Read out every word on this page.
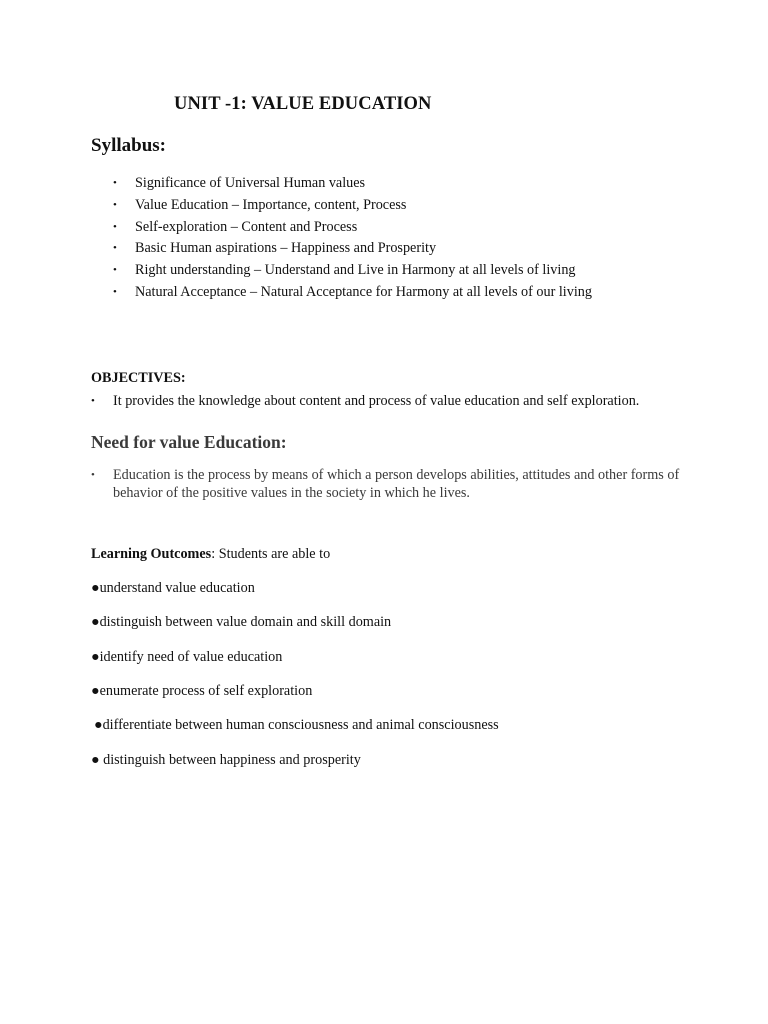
UNIT -1: VALUE EDUCATION
Syllabus:
• Significance of Universal Human values
• Value Education – Importance, content, Process
• Self-exploration – Content and Process
• Basic Human aspirations – Happiness and Prosperity
• Right understanding – Understand and Live in Harmony at all levels of living
• Natural Acceptance – Natural Acceptance for Harmony at all levels of our living
OBJECTIVES:
• It provides the knowledge about content and process of value education and self exploration.
Need for value Education:
• Education is the process by means of which a person develops abilities, attitudes and other forms of behavior of the positive values in the society in which he lives.
Learning Outcomes: Students are able to
●understand value education
●distinguish between value domain and skill domain
●identify need of value education
●enumerate process of self exploration
●differentiate between human consciousness and animal consciousness
● distinguish between happiness and prosperity
